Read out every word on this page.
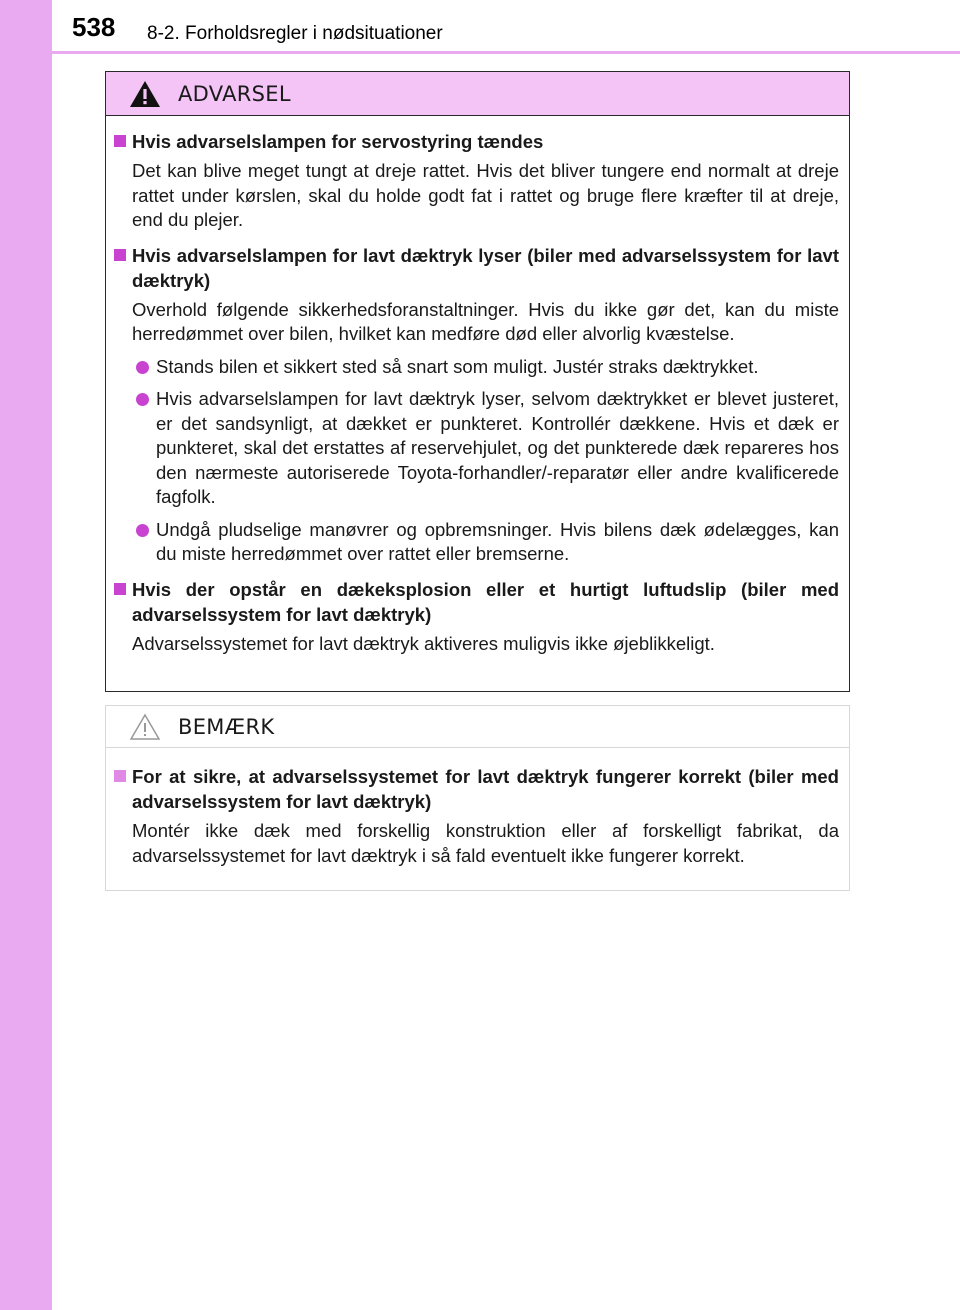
538 8-2. Forholdsregler i nødsituationer
ADVARSEL
Hvis advarselslampen for servostyring tændes
Det kan blive meget tungt at dreje rattet. Hvis det bliver tungere end normalt at dreje rattet under kørslen, skal du holde godt fat i rattet og bruge flere kræfter til at dreje, end du plejer.
Hvis advarselslampen for lavt dæktryk lyser (biler med advarselssystem for lavt dæktryk)
Overhold følgende sikkerhedsforanstaltninger. Hvis du ikke gør det, kan du miste herredømmet over bilen, hvilket kan medføre død eller alvorlig kvæstelse.
Stands bilen et sikkert sted så snart som muligt. Justér straks dæktrykket.
Hvis advarselslampen for lavt dæktryk lyser, selvom dæktrykket er blevet justeret, er det sandsynligt, at dækket er punkteret. Kontrollér dækkene. Hvis et dæk er punkteret, skal det erstattes af reservehjulet, og det punkterede dæk repareres hos den nærmeste autoriserede Toyota-forhandler/-reparatør eller andre kvalificerede fagfolk.
Undgå pludselige manøvrer og opbremsninger. Hvis bilens dæk ødelægges, kan du miste herredømmet over rattet eller bremserne.
Hvis der opstår en dækeksplosion eller et hurtigt luftudslip (biler med advarselssystem for lavt dæktryk)
Advarselssystemet for lavt dæktryk aktiveres muligvis ikke øjeblikkeligt.
BEMÆRK
For at sikre, at advarselssystemet for lavt dæktryk fungerer korrekt (biler med advarselssystem for lavt dæktryk)
Montér ikke dæk med forskellig konstruktion eller af forskelligt fabrikat, da advarselssystemet for lavt dæktryk i så fald eventuelt ikke fungerer korrekt.
